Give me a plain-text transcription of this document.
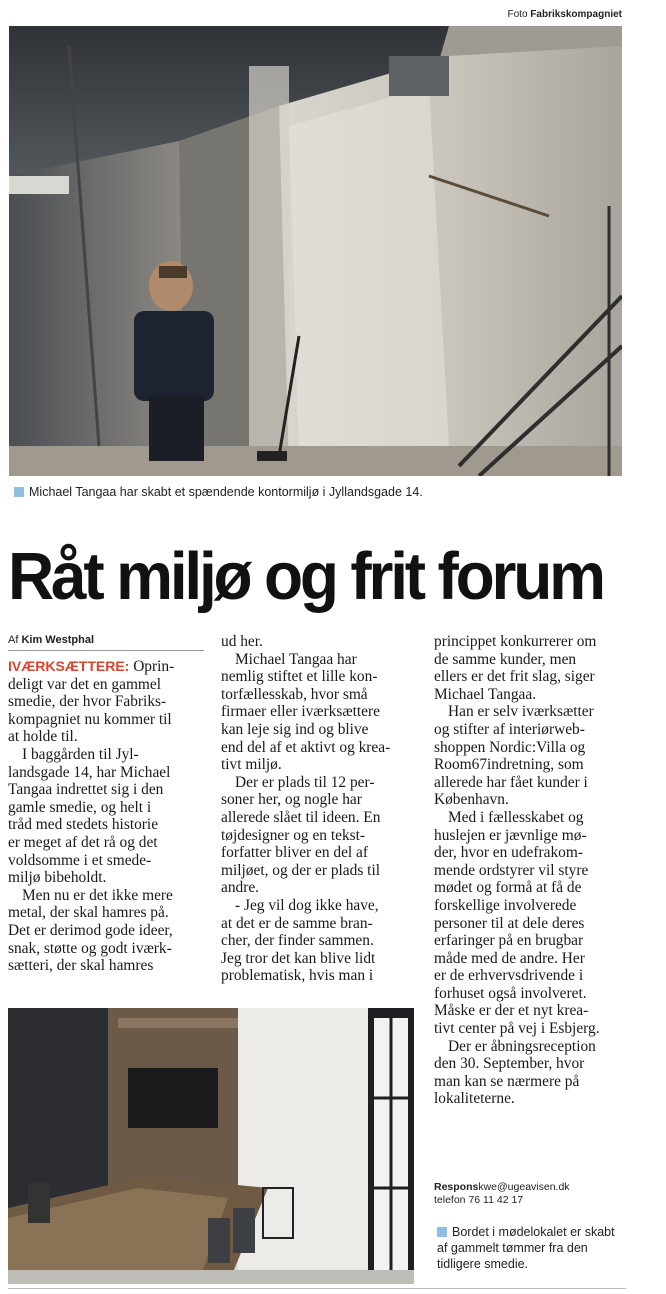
Foto Fabrikskompagniet
Michael Tangaa har skabt et spændende kontormiljø i Jyllandsgade 14.
Råt miljø og frit forum
Af Kim Westphal

IVÆRKSÆTTERE: Oprin-
deligt var det en gammel
smedie, der hvor Fabriks-
kompagniet nu kommer til
at holde til.

I baggården til Jyl-
landsgade 14, har Michael
Tangaa indrettet sig i den
gamle smedie, og helt i
tråd med stedets historie
er meget af det rå og det
voldsomme i et smede-
miljø bibeholdt.

Men nu er det ikke mere
metal, der skal hamres på.
Det er derimod gode ideer,
snak, støtte og godt iværk-
sætteri, der skal hamres

ud her.

Michael Tangaa har
nemlig stiftet et lille kon-
torfællesskab, hvor små
firmaer eller iværksættere
kan leje sig ind og blive
end del af et aktivt og krea-
tivt miljø.

Der er plads til 12 per-
soner her, og nogle har
allerede slået til ideen. En
tøjdesigner og en tekst-
forfatter bliver en del af
miljøet, og der er plads til
andre.

- Jeg vil dog ikke have,
at det er de samme bran-
cher, der finder sammen.
Jeg tror det kan blive lidt
problematisk, hvis man i

princippet konkurrerer om
de samme kunder, men
ellers er det frit slag, siger
Michael Tangaa.

Han er selv iværksætter
og stifter af interiørweb-
shoppen Nordic:Villa og
Room67indretning, som
allerede har fået kunder i
København.

Med i fællesskabet og
huslejen er jævnlige mø-
der, hvor en udefrakom-
mende ordstyrer vil styre
mødet og formå at få de
forskellige involverede
personer til at dele deres
erfaringer på en brugbar
måde med de andre. Her
er de erhvervsdrivende i
forhuset også involveret.
Måske er der et nyt krea-
tivt center på vej i Esbjerg.

Der er åbningsreception
den 30. September, hvor
man kan se nærmere på
lokaliteterne.

Responskwe@ugeavisen.dk
telefon 76 11 42 17
Bordet i mødelokalet er skabt
af gammelt tømmer fra den
tidligere smedie.
